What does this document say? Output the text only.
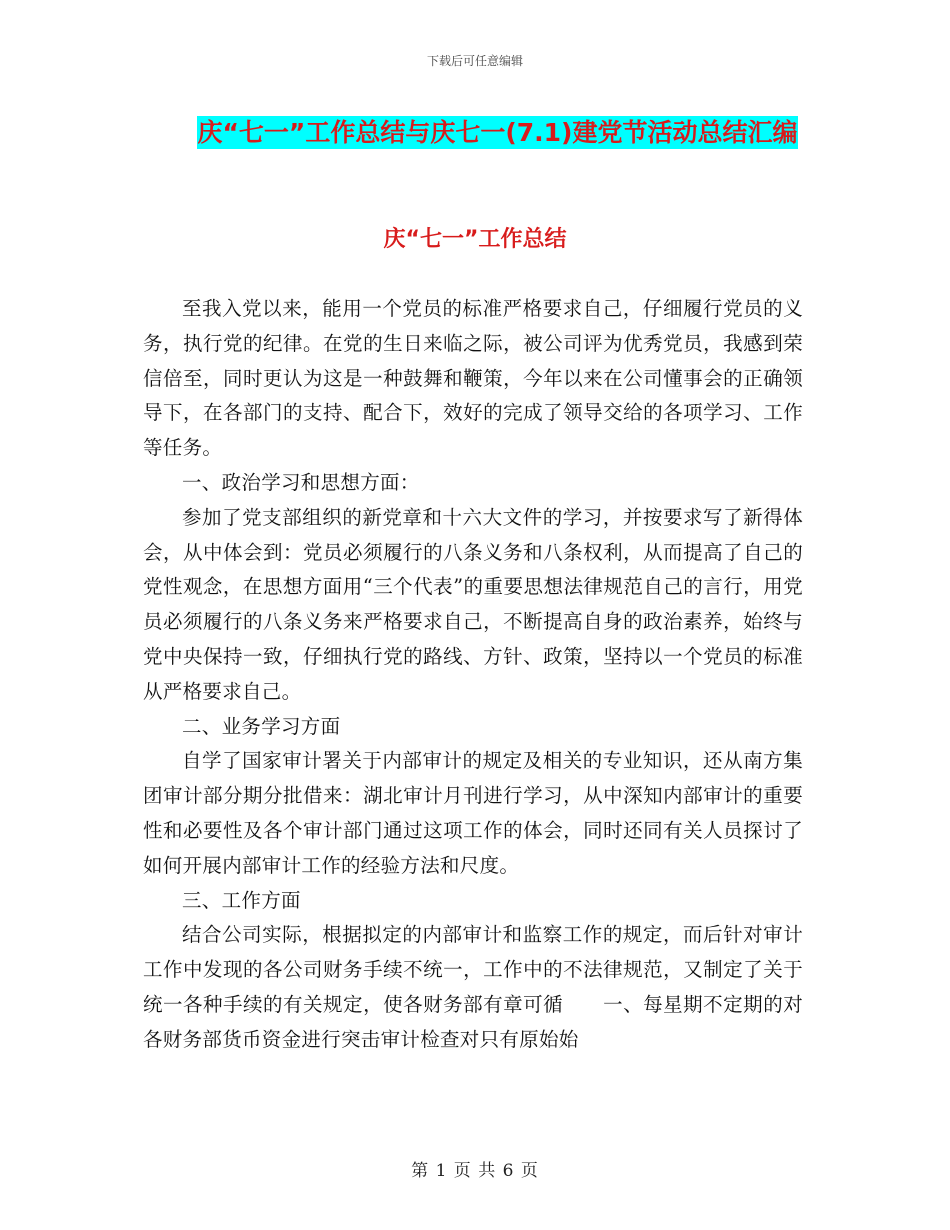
下载后可任意编辑
庆“七一”工作总结与庆七一(7.1)建党节活动总结汇编
庆“七一”工作总结

至我入党以来，能用一个党员的标准严格要求自己，仔细履行党员的义务，执行党的纪律。在党的生日来临之际，被公司评为优秀党员，我感到荣信倍至，同时更认为这是一种鼓舞和鞭策，今年以来在公司懂事会的正确领导下，在各部门的支持、配合下，效好的完成了领导交给的各项学习、工作等任务。

一、政治学习和思想方面：

参加了党支部组织的新党章和十六大文件的学习，并按要求写了新得体会，从中体会到：党员必须履行的八条义务和八条权利，从而提高了自己的党性观念，在思想方面用“三个代表”的重要思想法律规范自己的言行，用党员必须履行的八条义务来严格要求自己，不断提高自身的政治素养，始终与党中央保持一致，仔细执行党的路线、方针、政策，坚持以一个党员的标准从严格要求自己。

二、业务学习方面

自学了国家审计署关于内部审计的规定及相关的专业知识，还从南方集团审计部分期分批借来：湖北审计月刊进行学习，从中深知内部审计的重要性和必要性及各个审计部门通过这项工作的体会，同时还同有关人员探讨了如何开展内部审计工作的经验方法和尺度。

三、工作方面

结合公司实际，根据拟定的内部审计和监察工作的规定，而后针对审计工作中发现的各公司财务手续不统一，工作中的不法律规范，又制定了关于统一各种手续的有关规定，使各财务部有章可循　　一、每星期不定期的对各财务部货币资金进行突击审计检查对只有原始始

第 1 页 共 6 页
